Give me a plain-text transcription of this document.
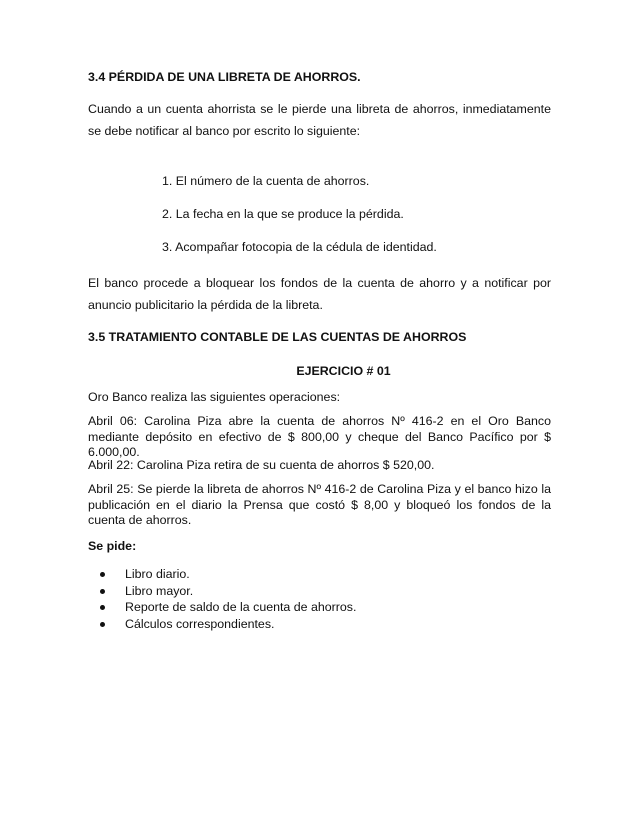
3.4 PÉRDIDA DE UNA LIBRETA DE AHORROS.

Cuando a un cuenta ahorrista se le pierde una libreta de ahorros, inmediatamente se debe notificar al banco por escrito lo siguiente:

1. El número de la cuenta de ahorros.

2. La fecha en la que se produce la pérdida.

3. Acompañar fotocopia de la cédula de identidad.

El banco procede a bloquear los fondos de la cuenta de ahorro y a notificar por anuncio publicitario la pérdida de la libreta.

3.5 TRATAMIENTO CONTABLE DE LAS CUENTAS DE AHORROS

EJERCICIO # 01

Oro Banco realiza las siguientes operaciones:

Abril 06: Carolina Piza abre la cuenta de ahorros Nº 416-2 en el Oro Banco mediante depósito en efectivo de $ 800,00 y cheque del Banco Pacífico por $ 6.000,00.

Abril 22: Carolina Piza retira de su cuenta de ahorros $ 520,00.

Abril 25: Se pierde la libreta de ahorros Nº 416-2 de Carolina Piza y el banco hizo la publicación en el diario la Prensa que costó $ 8,00 y bloqueó los fondos de la cuenta de ahorros.

Se pide:

Libro diario.
Libro mayor.
Reporte de saldo de la cuenta de ahorros.
Cálculos correspondientes.
